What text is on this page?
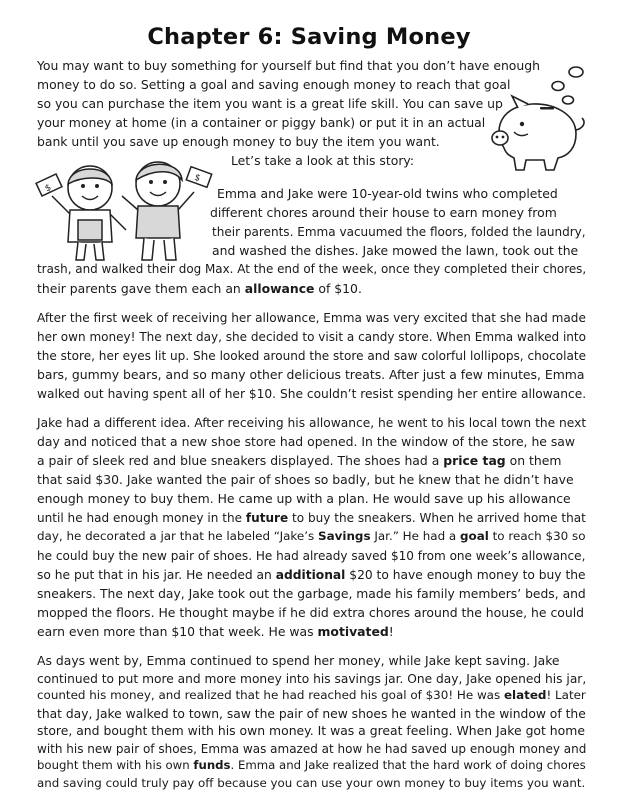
Chapter 6: Saving Money
You may want to buy something for yourself but find that you don’t have enough
money to do so. Setting a goal and saving enough money to reach that goal
so you can purchase the item you want is a great life skill. You can save up
your money at home (in a container or piggy bank) or put it in an actual
bank until you save up enough money to buy the item you want.
Let’s take a look at this story:
Emma and Jake were 10-year-old twins who completed
different chores around their house to earn money from
their parents. Emma vacuumed the floors, folded the laundry,
and washed the dishes. Jake mowed the lawn, took out the
trash, and walked their dog Max. At the end of the week, once they completed their chores,
their parents gave them each an allowance of $10.
After the first week of receiving her allowance, Emma was very excited that she had made
her own money! The next day, she decided to visit a candy store. When Emma walked into
the store, her eyes lit up. She looked around the store and saw colorful lollipops, chocolate
bars, gummy bears, and so many other delicious treats. After just a few minutes, Emma
walked out having spent all of her $10. She couldn’t resist spending her entire allowance.
Jake had a different idea. After receiving his allowance, he went to his local town the next
day and noticed that a new shoe store had opened. In the window of the store, he saw
a pair of sleek red and blue sneakers displayed. The shoes had a price tag on them
that said $30. Jake wanted the pair of shoes so badly, but he knew that he didn’t have
enough money to buy them. He came up with a plan. He would save up his allowance
until he had enough money in the future to buy the sneakers. When he arrived home that
day, he decorated a jar that he labeled “Jake’s Savings Jar.” He had a goal to reach $30 so
he could buy the new pair of shoes. He had already saved $10 from one week’s allowance,
so he put that in his jar. He needed an additional $20 to have enough money to buy the
sneakers. The next day, Jake took out the garbage, made his family members’ beds, and
mopped the floors. He thought maybe if he did extra chores around the house, he could
earn even more than $10 that week. He was motivated!
As days went by, Emma continued to spend her money, while Jake kept saving. Jake
continued to put more and more money into his savings jar. One day, Jake opened his jar,
counted his money, and realized that he had reached his goal of $30! He was elated! Later
that day, Jake walked to town, saw the pair of new shoes he wanted in the window of the
store, and bought them with his own money. It was a great feeling. When Jake got home
with his new pair of shoes, Emma was amazed at how he had saved up enough money and
bought them with his own funds. Emma and Jake realized that the hard work of doing chores
and saving could truly pay off because you can use your own money to buy items you want.
$
$
